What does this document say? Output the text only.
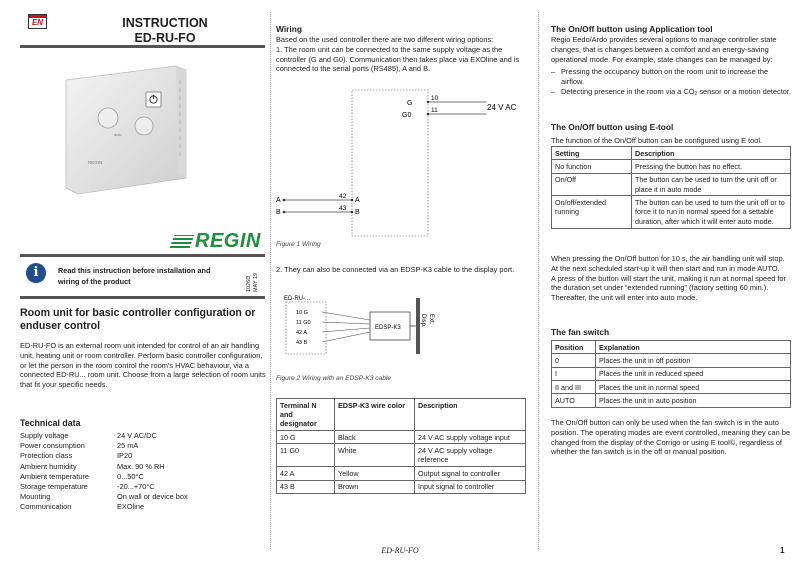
EN	INSTRUCTION
ED-RU-FO
auto
REGIN
REGIN
i	Read this instruction before installation and wiring of the product	1026D MAY 19
Room unit for basic controller configuration or enduser control

ED-RU-FO is an external room unit intended for control of an air handling unit, heating unit or room controller. Perform basic controller configuration, or let the person in the room control the room’s HVAC behaviour, via a connected ED-RU... room unit. Choose from a large selection of room units that fit your specific needs.

Technical data
Supply voltage	24 V AC/DC
Power consumption	25 mA
Protection class	IP20
Ambient humidity	Max. 90 % RH
Ambient temperature	0...50°C
Storage temperature	-20...+70°C
Mounting	On wall or device box
Communication	EXOline
Wiring

Based on the used controller there are two different wiring options:

1. The room unit can be connected to the same supply voltage as the controller (G and G0). Communication then takes place via EXOline and is connected to the serial ports (RS485), A and B.

G
G0
10
11	24 V AC
A
B
42
43
A
B
Figure 1 Wiring

2. They can also be connected via an EDSP-K3 cable to the display port.

ED-RU-...
10 G
11 G0
42 A
43 B
EDSP-K3
Ext.
Disp.
Figure 2 Wiring with an EDSP-K3 cable
Terminal N and designator	EDSP-K3 wire color	Description
10 G	Black	24 V AC supply voltage input
11 G0	White	24 V AC supply voltage reference
42 A	Yellow	Output signal to controller
43 B	Brown	Input signal to controller
The On/Off button using Application tool

Regio Eedo/Ardo provides several options to manage controller state changes, that is changes between a comfort and an energy-saving operational mode. For example, state changes can be managed by:

– Pressing the occupancy button on the room unit to increase the airflow.
– Detecting presence in the room via a $CO_2$ sensor or a motion detector.
The On/Off button using E-tool

The function of the On/Off button can be configured using E tool.

Setting	Description
No function	Pressing the button has no effect.
On/Off	The button can be used to turn the unit off or place it in auto mode
On/off/extended running	The button can be used to turn the unit off or to force it to run in normal speed for a settable duration, after which it will enter auto mode.

When pressing the On/Off button for 10 s, the air handling unit will stop. At the next scheduled start-up it will then start and run in mode AUTO.

A press of the button will start the unit, making it run at normal speed for the duration set under “extended running” (factory setting 60 min.). Thereafter, the unit will enter into auto mode.

The fan switch
Position	Explanation
0	Places the unit in off position
I	Places the unit in reduced speed
II and III	Places the unit in normal speed
AUTO	Places the unit in auto position

The On/Off button can only be used when the fan switch is in the auto position. The operating modes are event controlled, meaning they can be changed from the display of the Corrigo or using E tool©, regardless of whether the fan switch is in the off or manual position.

ED-RU-FO	1
